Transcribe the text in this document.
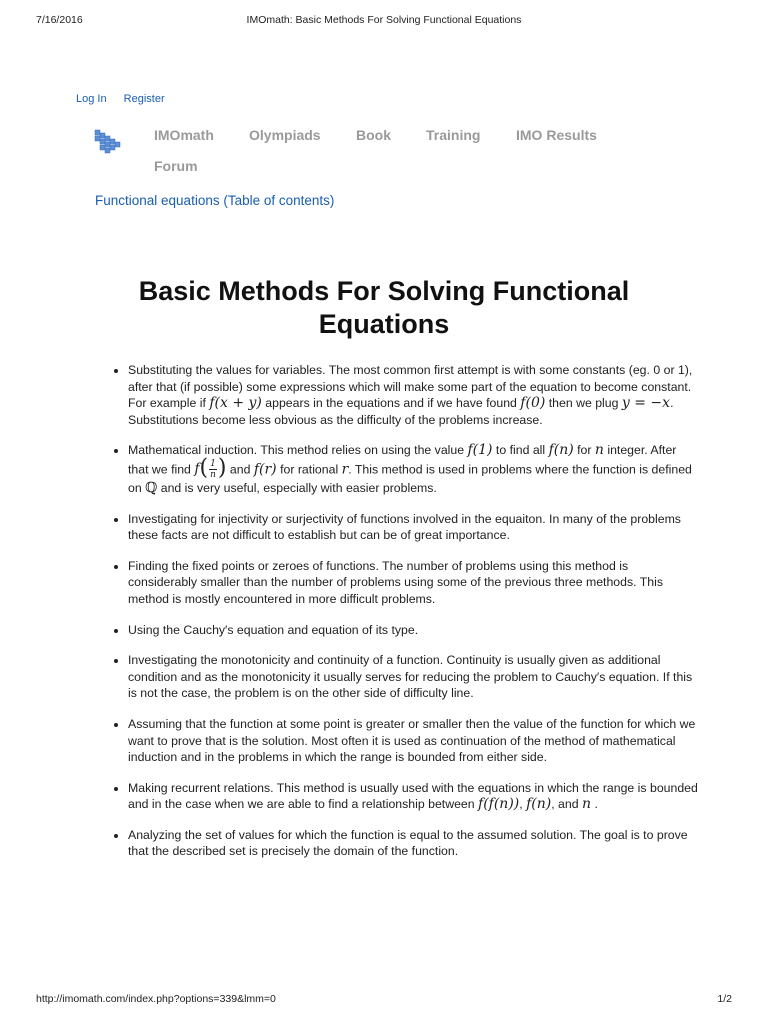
7/16/2016	IMOmath: Basic Methods For Solving Functional Equations
Log In Register
IMOmath	Olympiads	Book	Training	IMO Results
Forum
Functional equations (Table of contents)
Basic Methods For Solving Functional Equations
• Substituting the values for variables. The most common first attempt is with some constants (eg. 0 or 1), after that (if possible) some expressions which will make some part of the equation to become constant. For example if f(x + y) appears in the equations and if we have found f(0) then we plug y = −x. Substitutions become less obvious as the difficulty of the problems increase.
• Mathematical induction. This method relies on using the value f(1) to find all f(n) for n integer. After that we find $f( \frac{1}{n}$ ) and f(r) for rational r. This method is used in problems where the function is defined on ℚ and is very useful, especially with easier problems.
• Investigating for injectivity or surjectivity of functions involved in the equaiton. In many of the problems these facts are not difficult to establish but can be of great importance.
• Finding the fixed points or zeroes of functions. The number of problems using this method is considerably smaller than the number of problems using some of the previous three methods. This method is mostly encountered in more difficult problems.
• Using the Cauchy′s equation and equation of its type.
• Investigating the monotonicity and continuity of a function. Continuity is usually given as additional condition and as the monotonicity it usually serves for reducing the problem to Cauchy′s equation. If this is not the case, the problem is on the other side of difficulty line.
• Assuming that the function at some point is greater or smaller then the value of the function for which we want to prove that is the solution. Most often it is used as continuation of the method of mathematical induction and in the problems in which the range is bounded from either side.
• Making recurrent relations. This method is usually used with the equations in which the range is bounded and in the case when we are able to find a relationship between f(f(n)), f(n), and n .
• Analyzing the set of values for which the function is equal to the assumed solution. The goal is to prove that the described set is precisely the domain of the function.
http://imomath.com/index.php?options=339&lmm=0	1/2
